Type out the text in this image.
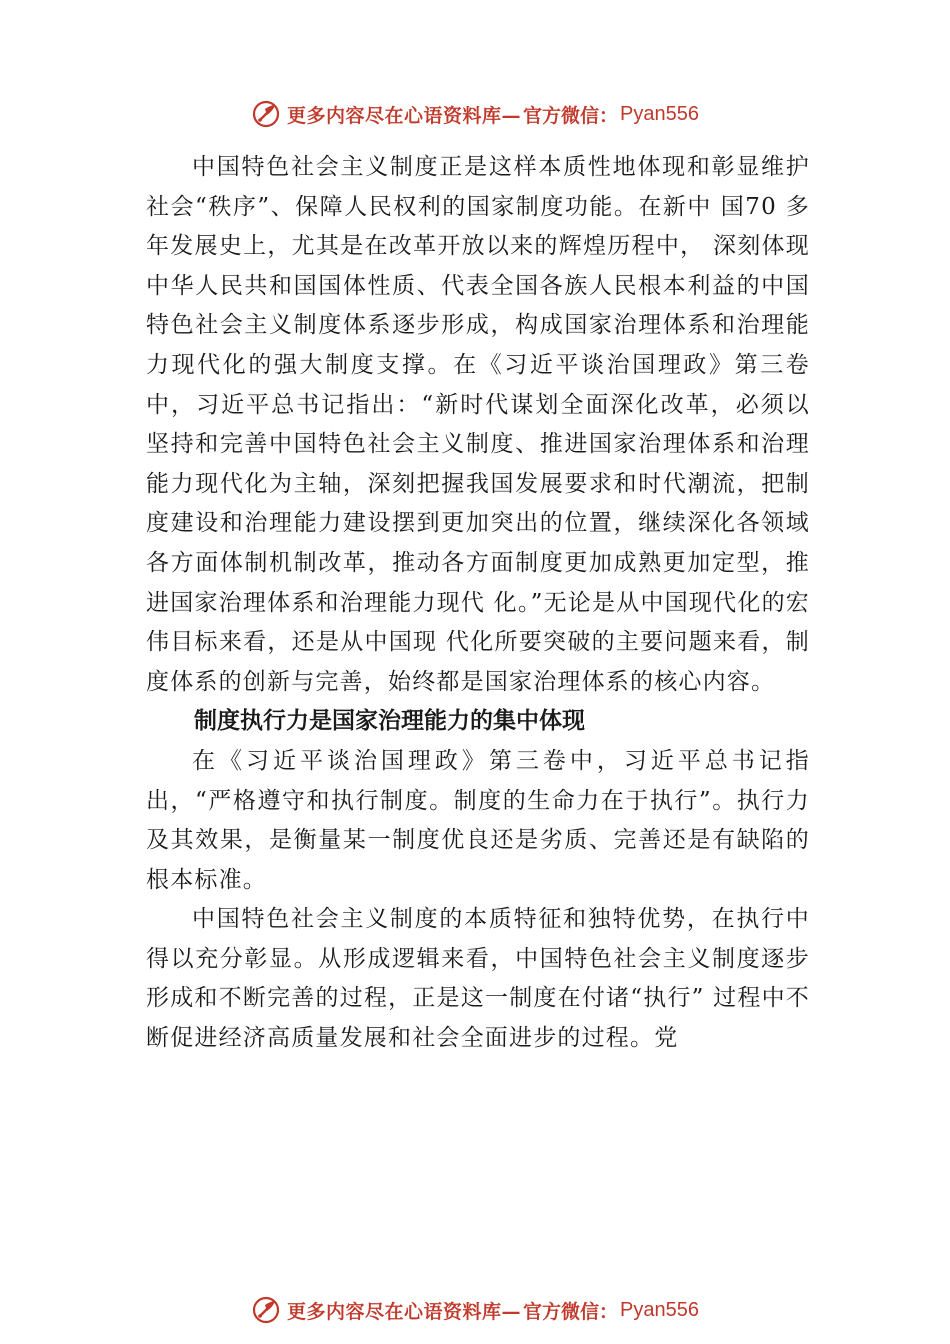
更多内容尽在心语资料库— 官方微信： Pyan556

中国特色社会主义制度正是这样本质性地体现和彰显维护社会“秩序”、保障人民权利的国家制度功能。在新中 国70 多年发展史上，尤其是在改革开放以来的辉煌历程中， 深刻体现中华人民共和国国体性质、代表全国各族人民根本利益的中国特色社会主义制度体系逐步形成，构成国家治理体系和治理能力现代化的强大制度支撑。在《习近平谈治国理政》第三卷中，习近平总书记指出：“新时代谋划全面深化改革，必须以坚持和完善中国特色社会主义制度、推进国家治理体系和治理能力现代化为主轴，深刻把握我国发展要求和时代潮流，把制度建设和治理能力建设摆到更加突出的位置，继续深化各领域各方面体制机制改革，推动各方面制度更加成熟更加定型，推进国家治理体系和治理能力现代 化。”无论是从中国现代化的宏伟目标来看，还是从中国现 代化所要突破的主要问题来看，制度体系的创新与完善，始终都是国家治理体系的核心内容。

制度执行力是国家治理能力的集中体现

在《习近平谈治国理政》第三卷中，习近平总书记指出，“严格遵守和执行制度。制度的生命力在于执行”。执行力及其效果，是衡量某一制度优良还是劣质、完善还是有缺陷的根本标准。

中国特色社会主义制度的本质特征和独特优势，在执行中得以充分彰显。从形成逻辑来看，中国特色社会主义制度逐步形成和不断完善的过程，正是这一制度在付诸“执行” 过程中不断促进经济高质量发展和社会全面进步的过程。党

更多内容尽在心语资料库— 官方微信： Pyan556
